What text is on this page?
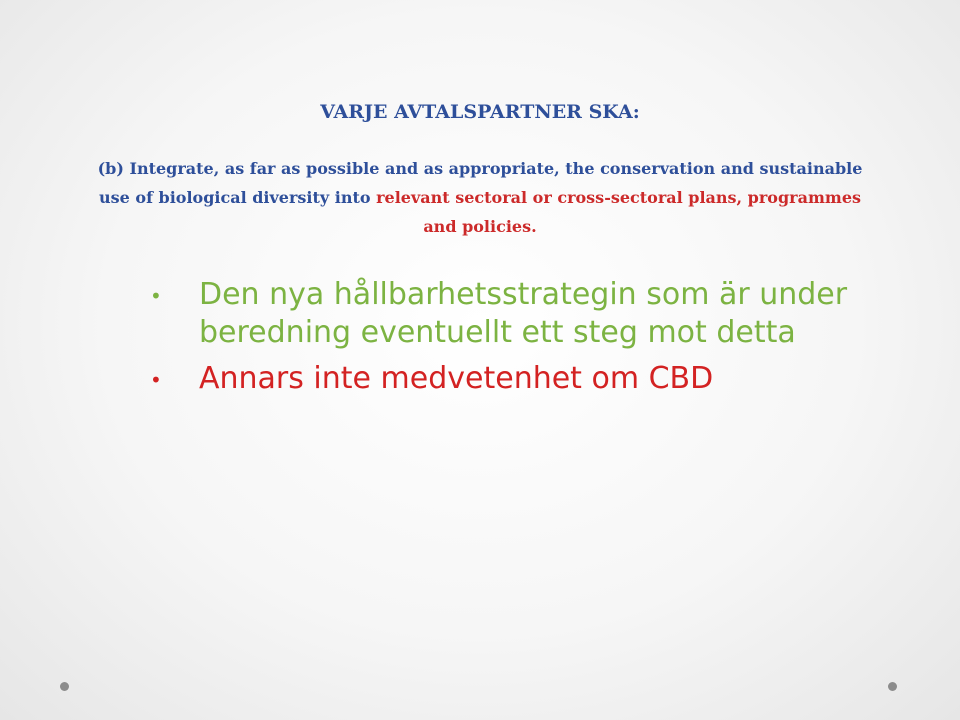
VARJE AVTALSPARTNER SKA:
(b) Integrate, as far as possible and as appropriate, the conservation and sustainable use of biological diversity into relevant sectoral or cross-sectoral plans, programmes and policies.
• Den nya hållbarhetsstrategin som är under beredning eventuellt ett steg mot detta
• Annars inte medvetenhet om CBD
